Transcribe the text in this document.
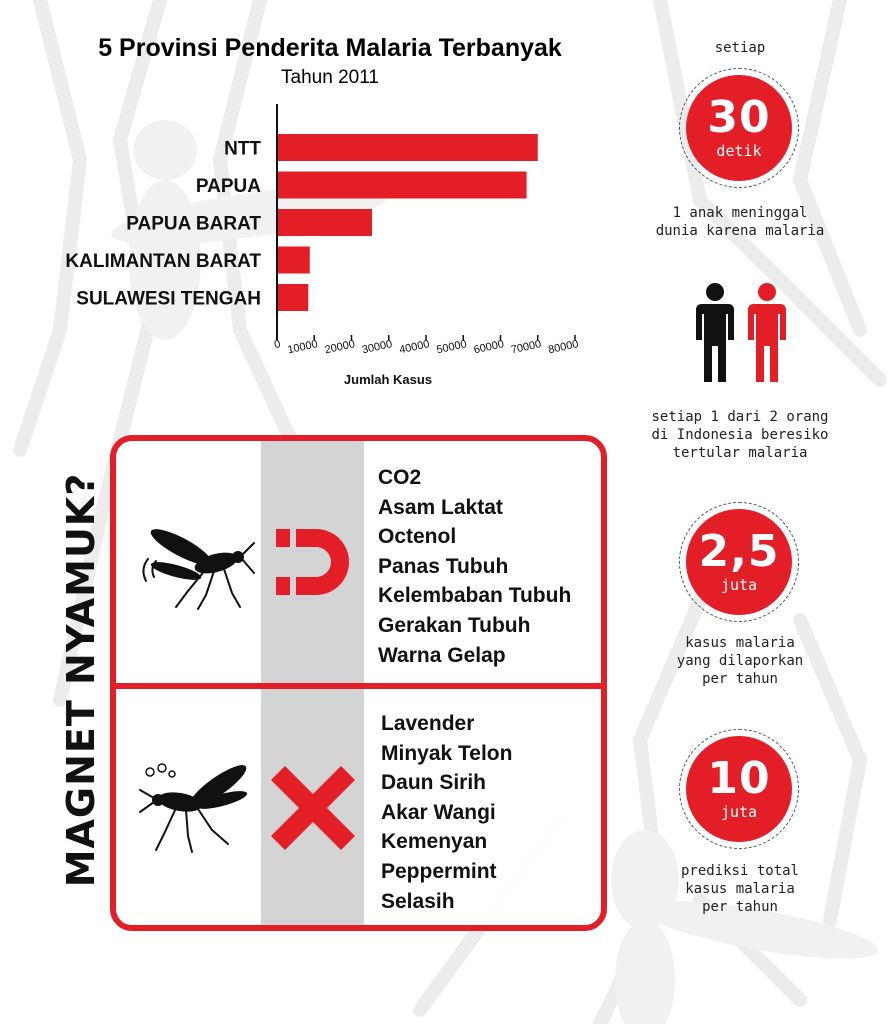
5 Provinsi Penderita Malaria Terbanyak
Tahun 2011
NTT
PAPUA
PAPUA BARAT
KALIMANTAN BARAT
SULAWESI TENGAH
0 10000 20000 30000 40000 50000 60000 70000 80000
Jumlah Kasus
setiap
30
detik
1 anak meninggal
dunia karena malaria
setiap 1 dari 2 orang
di Indonesia beresiko
tertular malaria
2,5
juta
kasus malaria
yang dilaporkan
per tahun
10
juta
prediksi total
kasus malaria
per tahun
MAGNET NYAMUK?	CO2
Asam Laktat
Octenol
Panas Tubuh
Kelembaban Tubuh
Gerakan Tubuh
Warna Gelap
Lavender
Minyak Telon
Daun Sirih
Akar Wangi
Kemenyan
Peppermint
Selasih
